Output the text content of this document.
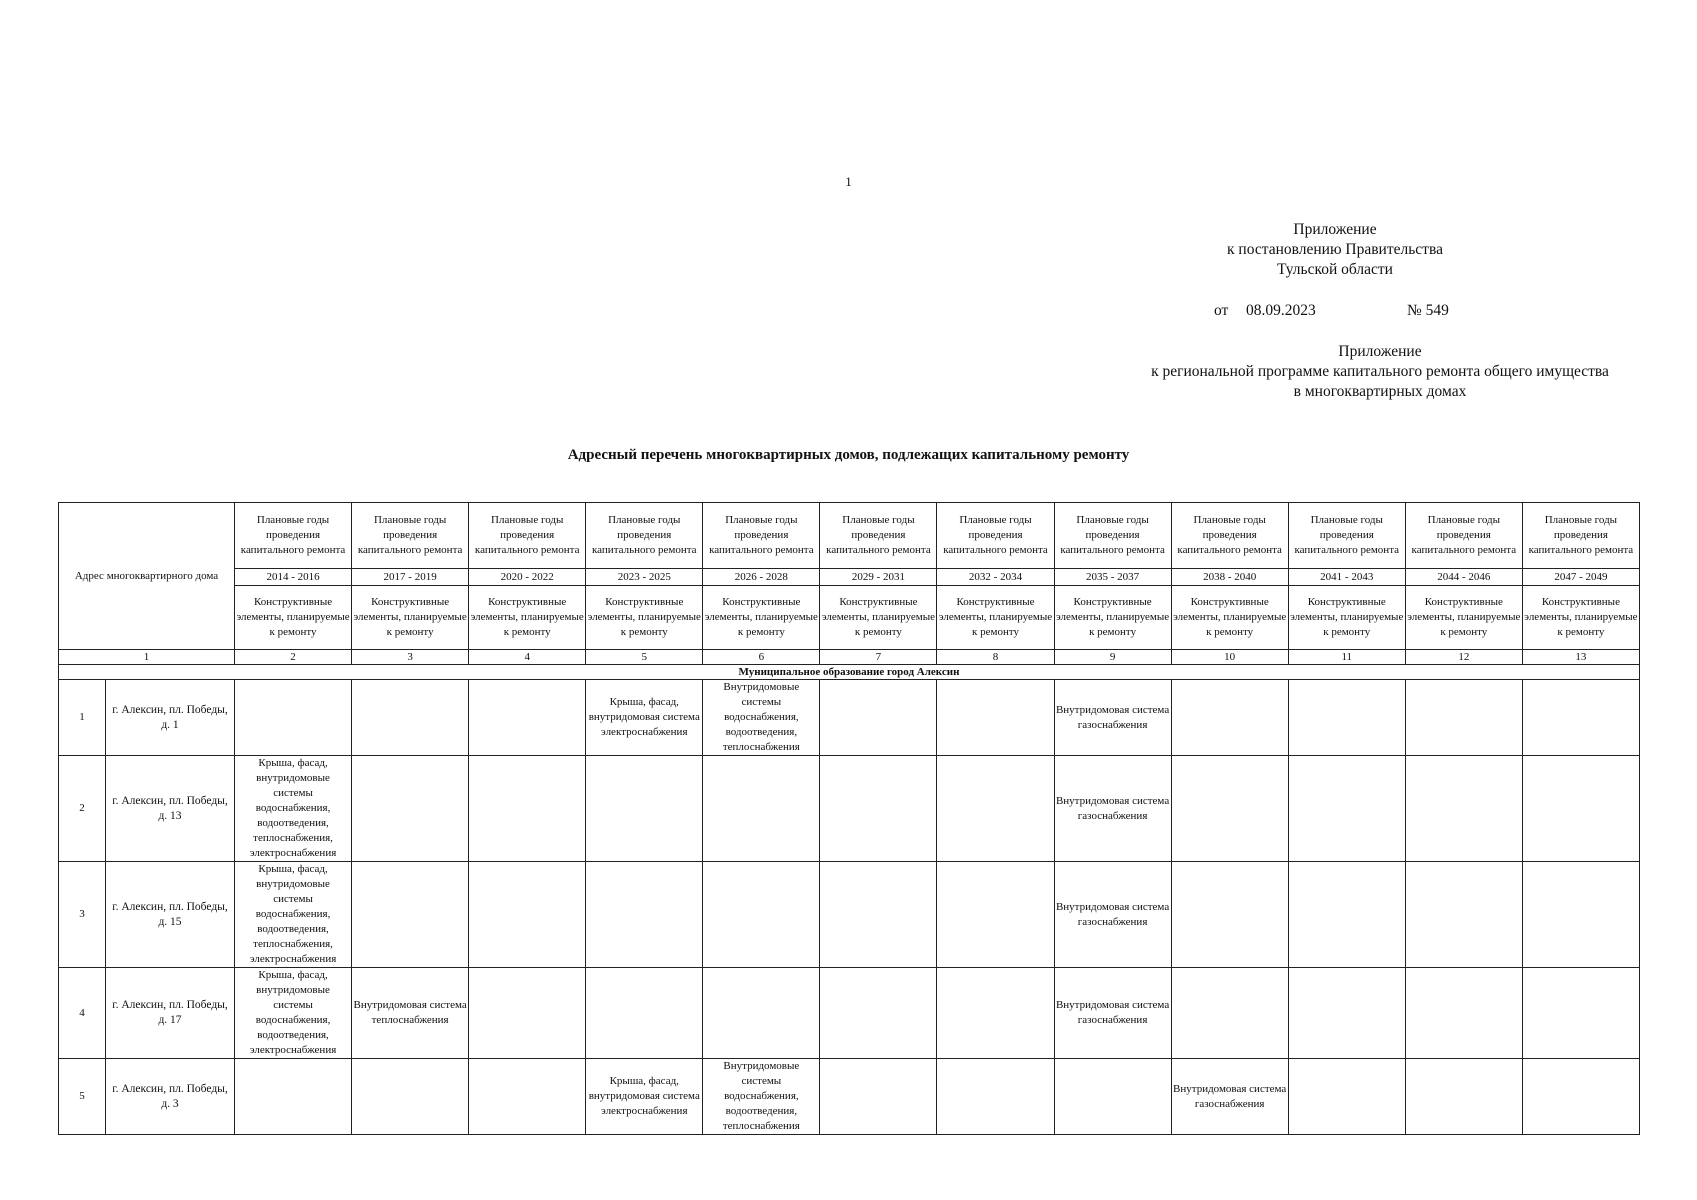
1
Приложение
к постановлению Правительства
Тульской области
от 08.09.2023	№ 549
Приложение
к региональной программе капитального ремонта общего имущества
в многоквартирных домах
Адресный перечень многоквартирных домов, подлежащих капитальному ремонту
Адрес многоквартирного дома		Плановые годы проведения капитального ремонта	Плановые годы проведения капитального ремонта	Плановые годы проведения капитального ремонта	Плановые годы проведения капитального ремонта	Плановые годы проведения капитального ремонта	Плановые годы проведения капитального ремонта	Плановые годы проведения капитального ремонта	Плановые годы проведения капитального ремонта	Плановые годы проведения капитального ремонта	Плановые годы проведения капитального ремонта	Плановые годы проведения капитального ремонта	Плановые годы проведения капитального ремонта
		2014 - 2016	2017 - 2019	2020 - 2022	2023 - 2025	2026 - 2028	2029 - 2031	2032 - 2034	2035 - 2037	2038 - 2040	2041 - 2043	2044 - 2046	2047 - 2049
		Конструктивные элементы, планируемые к ремонту	Конструктивные элементы, планируемые к ремонту	Конструктивные элементы, планируемые к ремонту	Конструктивные элементы, планируемые к ремонту	Конструктивные элементы, планируемые к ремонту	Конструктивные элементы, планируемые к ремонту	Конструктивные элементы, планируемые к ремонту	Конструктивные элементы, планируемые к ремонту	Конструктивные элементы, планируемые к ремонту	Конструктивные элементы, планируемые к ремонту	Конструктивные элементы, планируемые к ремонту	Конструктивные элементы, планируемые к ремонту
1		2	3	4	5	6	7	8	9	10	11	12	13
Муниципальное образование город Алексин													
1	г. Алексин, пл. Победы, д. 1				Крыша, фасад, внутридомовая система электроснабжения	Внутридомовые системы водоснабжения, водоотведения, теплоснабжения			Внутридомовая система газоснабжения				
2	г. Алексин, пл. Победы, д. 13	Крыша, фасад, внутридомовые системы водоснабжения, водоотведения, теплоснабжения, электроснабжения							Внутридомовая система газоснабжения				
3	г. Алексин, пл. Победы, д. 15	Крыша, фасад, внутридомовые системы водоснабжения, водоотведения, теплоснабжения, электроснабжения							Внутридомовая система газоснабжения				
4	г. Алексин, пл. Победы, д. 17	Крыша, фасад, внутридомовые системы водоснабжения, водоотведения, электроснабжения	Внутридомовая система теплоснабжения						Внутридомовая система газоснабжения				
5	г. Алексин, пл. Победы, д. 3				Крыша, фасад, внутридомовая система электроснабжения	Внутридомовые системы водоснабжения, водоотведения, теплоснабжения				Внутридомовая система газоснабжения			
